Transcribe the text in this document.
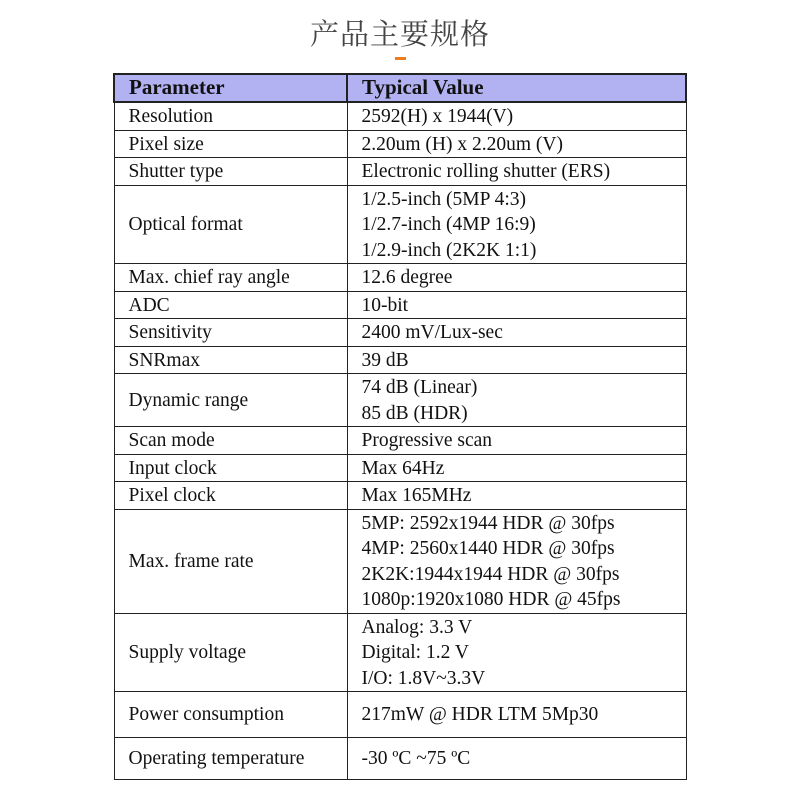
产品主要规格
Parameter	Typical Value
Resolution	2592(H) x 1944(V)

Pixel size	2.20um (H) x 2.20um (V)

Shutter type	Electronic rolling shutter (ERS)

Optical format	1/2.5-inch (5MP 4:3)
1/2.7-inch (4MP 16:9)
1/2.9-inch (2K2K 1:1)

Max. chief ray angle	12.6 degree

ADC	10-bit

Sensitivity	2400 mV/Lux-sec

SNRmax	39 dB

Dynamic range	74 dB (Linear)
85 dB (HDR)

Scan mode	Progressive scan

Input clock	Max 64Hz

Pixel clock	Max 165MHz

Max. frame rate	5MP: 2592x1944 HDR @ 30fps
4MP: 2560x1440 HDR @ 30fps
2K2K:1944x1944 HDR @ 30fps
1080p:1920x1080 HDR @ 45fps

Supply voltage	Analog: 3.3 V
Digital: 1.2 V
I/O: 1.8V~3.3V

Power consumption	217mW @ HDR LTM 5Mp30

Operating temperature	-30 ºC ~75 ºC
